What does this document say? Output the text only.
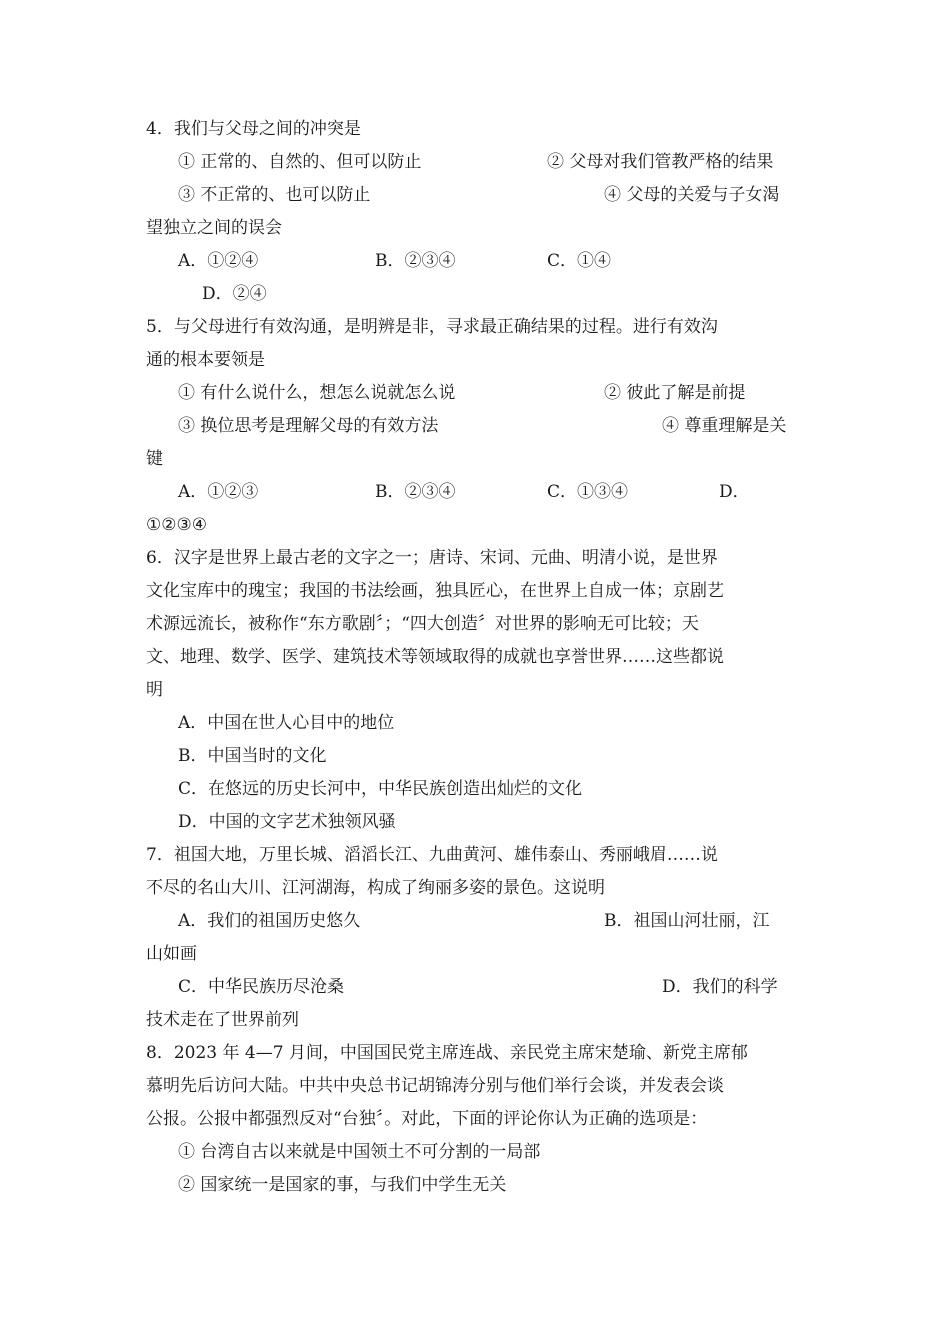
4．我们与父母之间的冲突是
① 正常的、自然的、但可以防止	② 父母对我们管教严格的结果
③ 不正常的、也可以防止	④ 父母的关爱与子女渴
望独立之间的误会
A．①②④	B．②③④	C．①④
D．②④
5．与父母进行有效沟通，是明辨是非，寻求最正确结果的过程。进行有效沟
通的根本要领是
① 有什么说什么，想怎么说就怎么说	② 彼此了解是前提
③ 换位思考是理解父母的有效方法	④ 尊重理解是关
键
A．①②③	B．②③④	C．①③④	D．
①②③④
6．汉字是世界上最古老的文字之一；唐诗、宋词、元曲、明清小说，是世界
文化宝库中的瑰宝；我国的书法绘画，独具匠心，在世界上自成一体；京剧艺
术源远流长，被称作“东方歌剧〞；“四大创造〞对世界的影响无可比较；天
文、地理、数学、医学、建筑技术等领域取得的成就也享誉世界……这些都说
明
A．中国在世人心目中的地位
B．中国当时的文化
C．在悠远的历史长河中，中华民族创造出灿烂的文化
D．中国的文字艺术独领风骚
7．祖国大地，万里长城、滔滔长江、九曲黄河、雄伟泰山、秀丽峨眉……说
不尽的名山大川、江河湖海，构成了绚丽多姿的景色。这说明
A．我们的祖国历史悠久	B．祖国山河壮丽，江
山如画
C．中华民族历尽沧桑	D．我们的科学
技术走在了世界前列
8．2023 年 4—7 月间，中国国民党主席连战、亲民党主席宋楚瑜、新党主席郁
慕明先后访问大陆。中共中央总书记胡锦涛分别与他们举行会谈，并发表会谈
公报。公报中都强烈反对“台独〞。对此，下面的评论你认为正确的选项是：
① 台湾自古以来就是中国领土不可分割的一局部
② 国家统一是国家的事，与我们中学生无关
